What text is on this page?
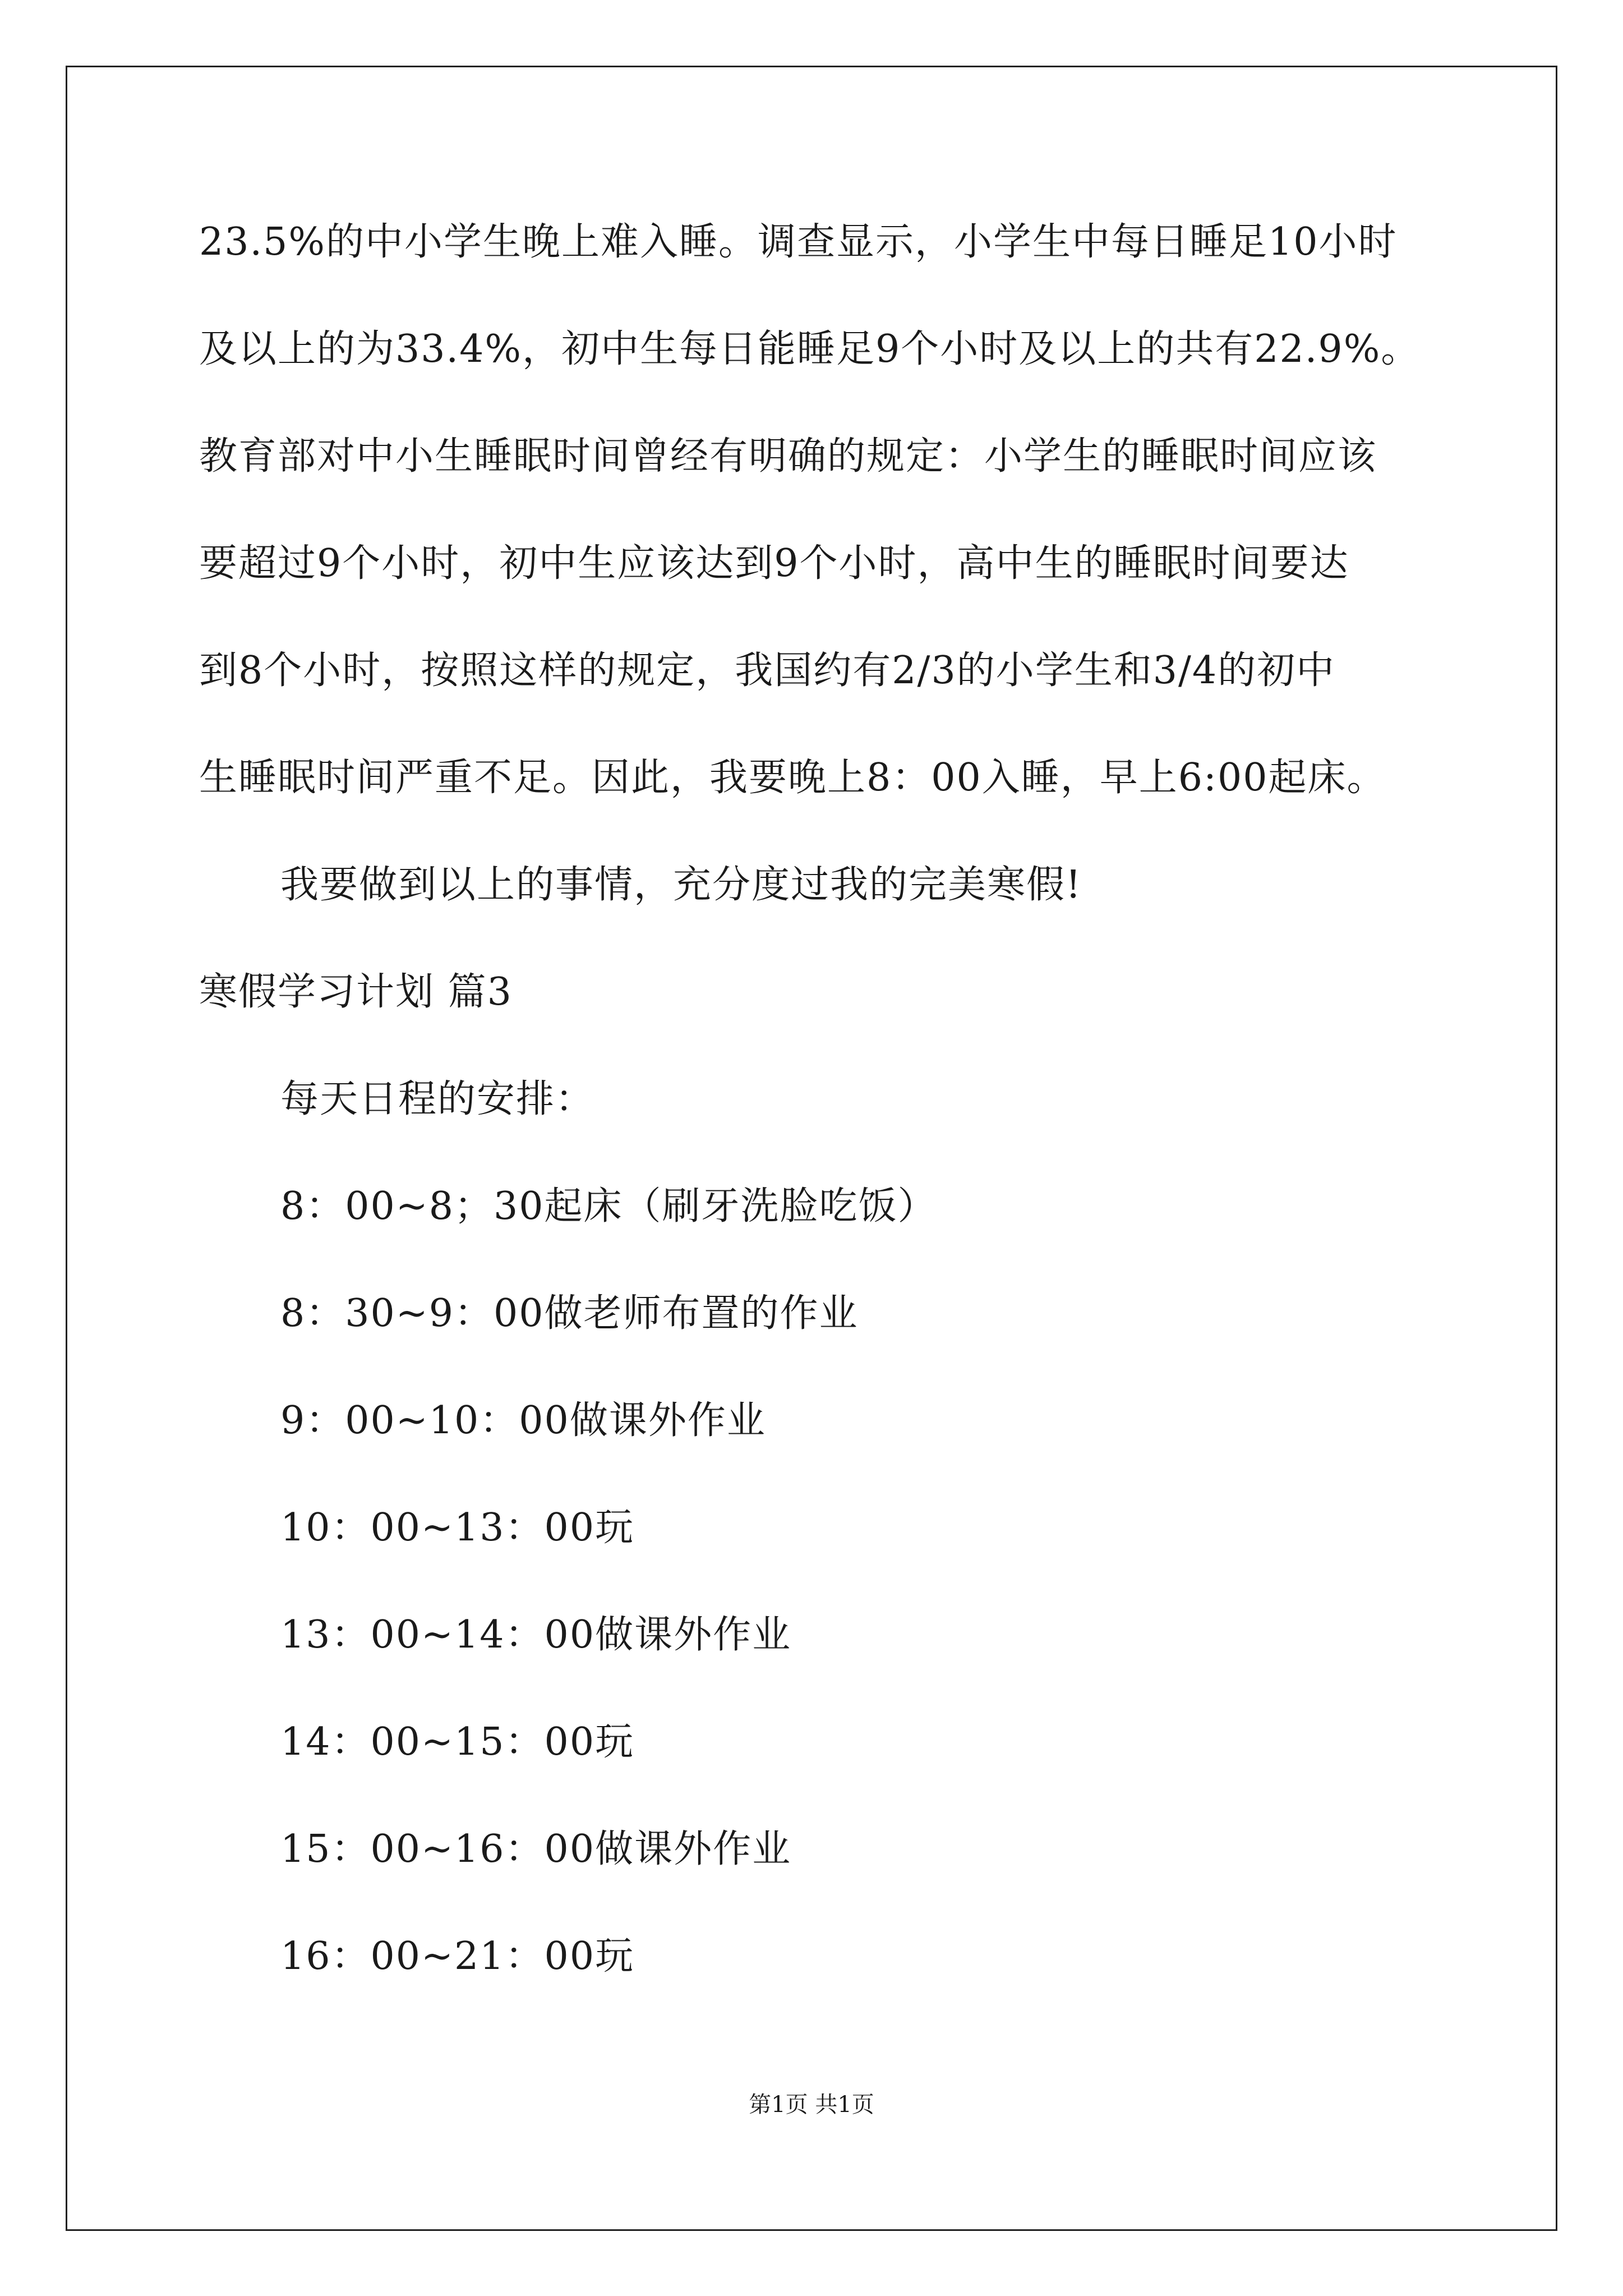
23.5%的中小学生晚上难入睡。调查显示，小学生中每日睡足10小时
及以上的为33.4%，初中生每日能睡足9个小时及以上的共有22.9%。
教育部对中小生睡眠时间曾经有明确的规定：小学生的睡眠时间应该
要超过9个小时，初中生应该达到9个小时，高中生的睡眠时间要达
到8个小时，按照这样的规定，我国约有2/3的小学生和3/4的初中
生睡眠时间严重不足。因此，我要晚上8：00入睡，早上6:00起床。
我要做到以上的事情，充分度过我的完美寒假!
寒假学习计划 篇3
每天日程的安排：
8：00~8；30起床（刷牙洗脸吃饭）
8：30~9：00做老师布置的作业
9：00~10：00做课外作业
10：00~13：00玩
13：00~14：00做课外作业
14：00~15：00玩
15：00~16：00做课外作业
16：00~21：00玩
第1页 共1页
